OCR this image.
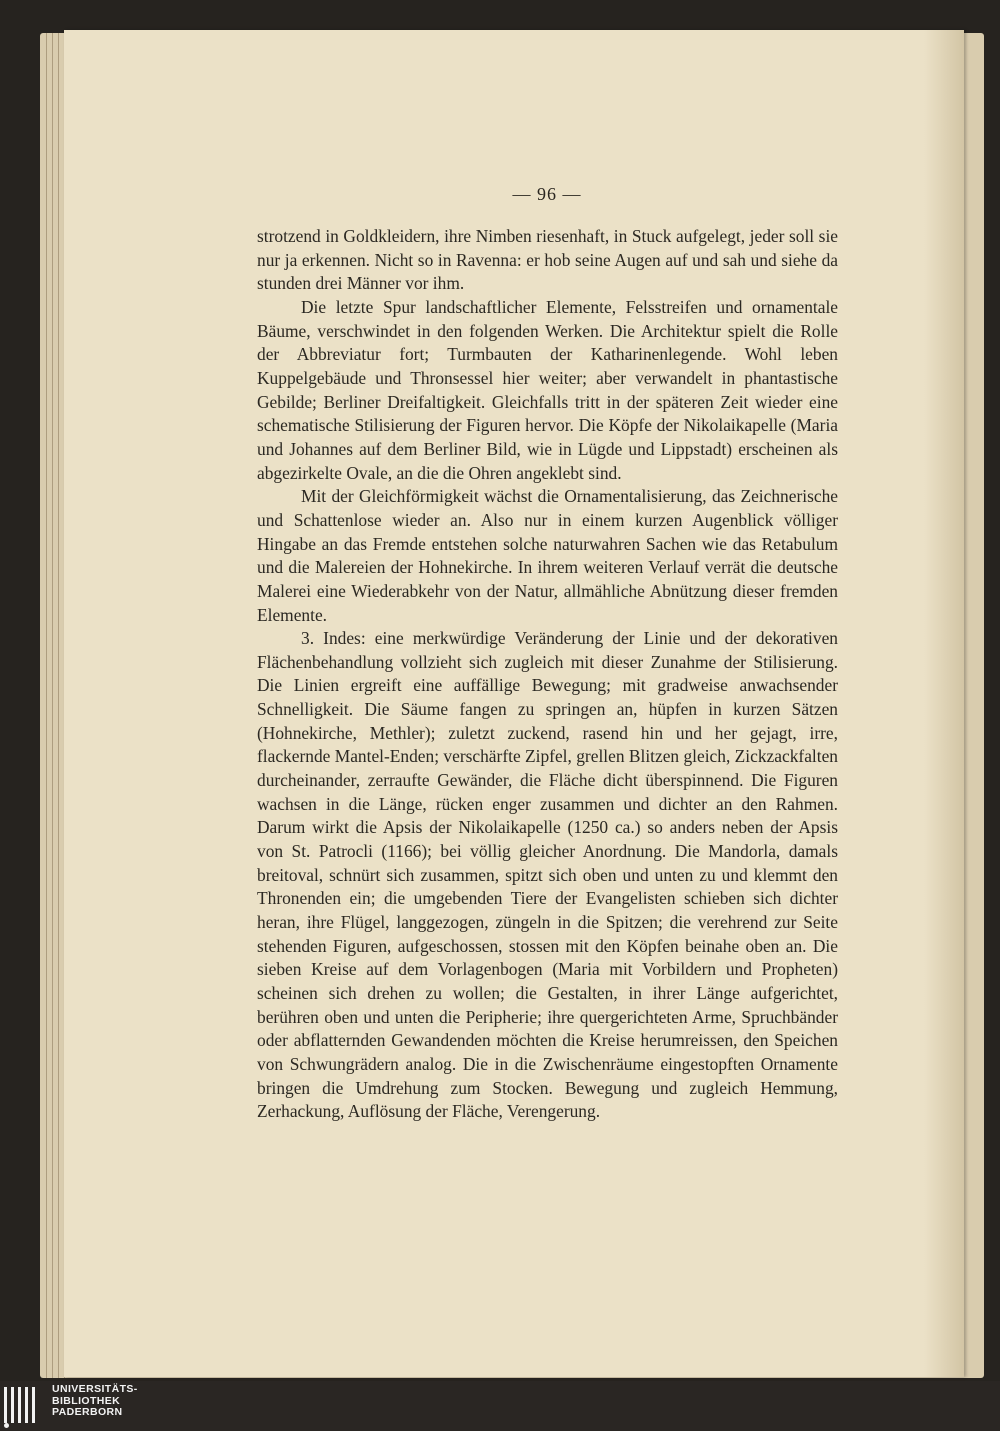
— 96 —

strotzend in Goldkleidern, ihre Nimben riesenhaft, in Stuck aufgelegt, jeder soll sie nur ja erkennen. Nicht so in Ravenna: er hob seine Augen auf und sah und siehe da stunden drei Männer vor ihm.

Die letzte Spur landschaftlicher Elemente, Felsstreifen und ornamentale Bäume, verschwindet in den folgenden Werken. Die Architektur spielt die Rolle der Abbreviatur fort; Turmbauten der Katharinenlegende. Wohl leben Kuppelgebäude und Thronsessel hier weiter; aber verwandelt in phantastische Gebilde; Berliner Dreifaltigkeit. Gleichfalls tritt in der späteren Zeit wieder eine schematische Stilisierung der Figuren hervor. Die Köpfe der Nikolaikapelle (Maria und Johannes auf dem Berliner Bild, wie in Lügde und Lippstadt) erscheinen als abgezirkelte Ovale, an die die Ohren angeklebt sind.

Mit der Gleichförmigkeit wächst die Ornamentalisierung, das Zeichnerische und Schattenlose wieder an. Also nur in einem kurzen Augenblick völliger Hingabe an das Fremde entstehen solche naturwahren Sachen wie das Retabulum und die Malereien der Hohnekirche. In ihrem weiteren Verlauf verrät die deutsche Malerei eine Wiederabkehr von der Natur, allmähliche Abnützung dieser fremden Elemente.

3. Indes: eine merkwürdige Veränderung der Linie und der dekorativen Flächenbehandlung vollzieht sich zugleich mit dieser Zunahme der Stilisierung. Die Linien ergreift eine auffällige Bewegung; mit gradweise anwachsender Schnelligkeit. Die Säume fangen zu springen an, hüpfen in kurzen Sätzen (Hohnekirche, Methler); zuletzt zuckend, rasend hin und her gejagt, irre, flackernde Mantel-Enden; verschärfte Zipfel, grellen Blitzen gleich, Zickzackfalten durcheinander, zerraufte Gewänder, die Fläche dicht überspinnend. Die Figuren wachsen in die Länge, rücken enger zusammen und dichter an den Rahmen. Darum wirkt die Apsis der Nikolaikapelle (1250 ca.) so anders neben der Apsis von St. Patrocli (1166); bei völlig gleicher Anordnung. Die Mandorla, damals breitoval, schnürt sich zusammen, spitzt sich oben und unten zu und klemmt den Thronenden ein; die umgebenden Tiere der Evangelisten schieben sich dichter heran, ihre Flügel, langgezogen, züngeln in die Spitzen; die verehrend zur Seite stehenden Figuren, aufgeschossen, stossen mit den Köpfen beinahe oben an. Die sieben Kreise auf dem Vorlagenbogen (Maria mit Vorbildern und Propheten) scheinen sich drehen zu wollen; die Gestalten, in ihrer Länge aufgerichtet, berühren oben und unten die Peripherie; ihre quergerichteten Arme, Spruchbänder oder abflatternden Gewandenden möchten die Kreise herumreissen, den Speichen von Schwungrädern analog. Die in die Zwischenräume eingestopften Ornamente bringen die Umdrehung zum Stocken. Bewegung und zugleich Hemmung, Zerhackung, Auflösung der Fläche, Verengerung.

UNIVERSITÄTS-
BIBLIOTHEK
PADERBORN
